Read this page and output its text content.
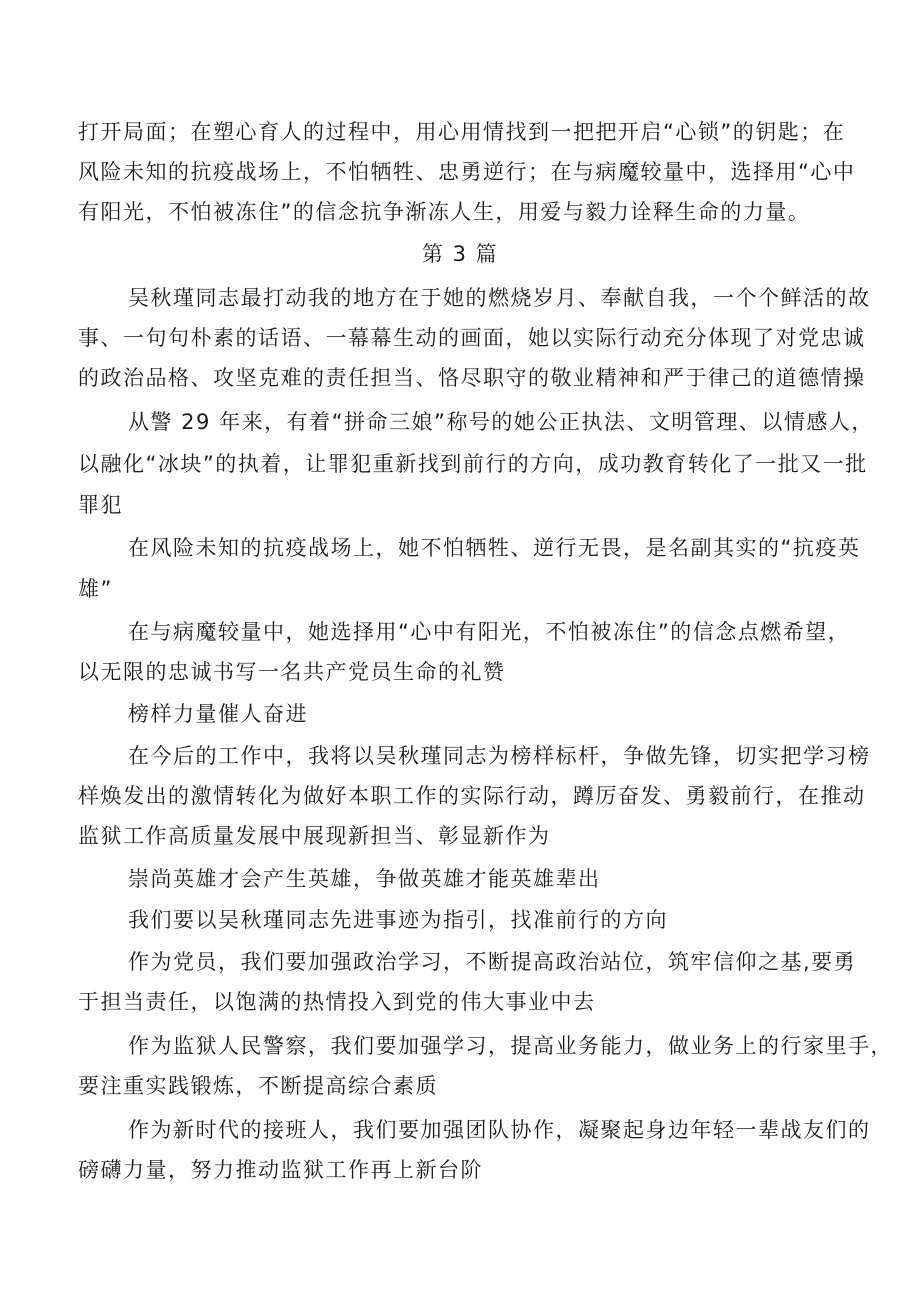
打开局面；在塑心育人的过程中，用心用情找到一把把开启“心锁”的钥匙；在
风险未知的抗疫战场上，不怕牺牲、忠勇逆行；在与病魔较量中，选择用“心中
有阳光，不怕被冻住”的信念抗争渐冻人生，用爱与毅力诠释生命的力量。
第 3 篇
吴秋瑾同志最打动我的地方在于她的燃烧岁月、奉献自我，一个个鲜活的故
事、一句句朴素的话语、一幕幕生动的画面，她以实际行动充分体现了对党忠诚
的政治品格、攻坚克难的责任担当、恪尽职守的敬业精神和严于律己的道德情操
从警 29 年来，有着“拼命三娘”称号的她公正执法、文明管理、以情感人，
以融化“冰块”的执着，让罪犯重新找到前行的方向，成功教育转化了一批又一批
罪犯
在风险未知的抗疫战场上，她不怕牺牲、逆行无畏，是名副其实的“抗疫英
雄”
在与病魔较量中，她选择用“心中有阳光，不怕被冻住”的信念点燃希望，
以无限的忠诚书写一名共产党员生命的礼赞
榜样力量催人奋进
在今后的工作中，我将以吴秋瑾同志为榜样标杆，争做先锋，切实把学习榜
样焕发出的激情转化为做好本职工作的实际行动，蹲厉奋发、勇毅前行，在推动
监狱工作高质量发展中展现新担当、彰显新作为
崇尚英雄才会产生英雄，争做英雄才能英雄辈出
我们要以吴秋瑾同志先进事迹为指引，找准前行的方向
作为党员，我们要加强政治学习，不断提高政治站位，筑牢信仰之基,要勇
于担当责任，以饱满的热情投入到党的伟大事业中去
作为监狱人民警察，我们要加强学习，提高业务能力，做业务上的行家里手，
要注重实践锻炼，不断提高综合素质
作为新时代的接班人，我们要加强团队协作，凝聚起身边年轻一辈战友们的
磅礴力量，努力推动监狱工作再上新台阶
